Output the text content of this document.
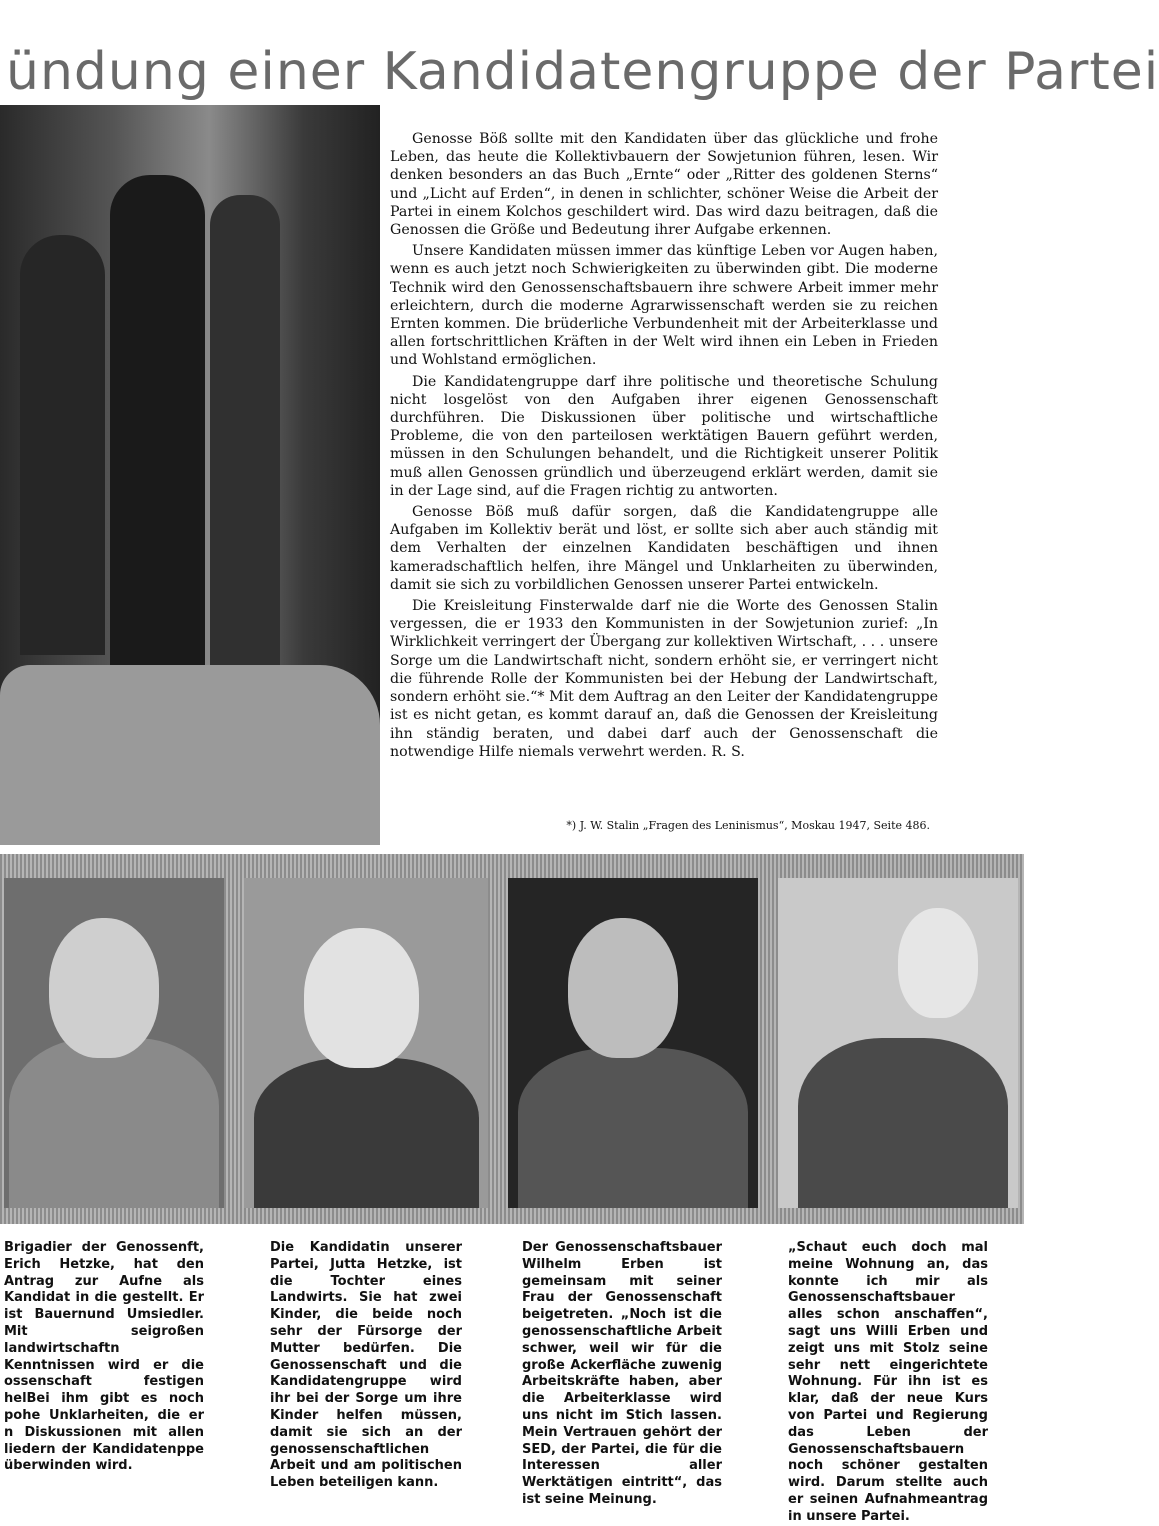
ündung einer Kandidatengruppe der Partei

Genosse Böß sollte mit den Kandidaten über das glückliche und frohe Leben, das heute die Kollektivbauern der Sowjetunion führen, lesen. Wir denken besonders an das Buch „Ernte“ oder „Ritter des goldenen Sterns“ und „Licht auf Erden“, in denen in schlichter, schöner Weise die Arbeit der Partei in einem Kolchos geschildert wird. Das wird dazu beitragen, daß die Genossen die Größe und Bedeutung ihrer Aufgabe erkennen.

Unsere Kandidaten müssen immer das künftige Leben vor Augen haben, wenn es auch jetzt noch Schwierigkeiten zu überwinden gibt. Die moderne Technik wird den Genossenschaftsbauern ihre schwere Arbeit immer mehr erleichtern, durch die moderne Agrarwissenschaft werden sie zu reichen Ernten kommen. Die brüderliche Verbundenheit mit der Arbeiterklasse und allen fortschrittlichen Kräften in der Welt wird ihnen ein Leben in Frieden und Wohlstand ermöglichen.

Die Kandidatengruppe darf ihre politische und theoretische Schulung nicht losgelöst von den Aufgaben ihrer eigenen Genossenschaft durchführen. Die Diskussionen über politische und wirtschaftliche Probleme, die von den parteilosen werktätigen Bauern geführt werden, müssen in den Schulungen behandelt, und die Richtigkeit unserer Politik muß allen Genossen gründlich und überzeugend erklärt werden, damit sie in der Lage sind, auf die Fragen richtig zu antworten.

Genosse Böß muß dafür sorgen, daß die Kandidatengruppe alle Aufgaben im Kollektiv berät und löst, er sollte sich aber auch ständig mit dem Verhalten der einzelnen Kandidaten beschäftigen und ihnen kameradschaftlich helfen, ihre Mängel und Unklarheiten zu überwinden, damit sie sich zu vorbildlichen Genossen unserer Partei entwickeln.

Die Kreisleitung Finsterwalde darf nie die Worte des Genossen Stalin vergessen, die er 1933 den Kommunisten in der Sowjetunion zurief: „In Wirklichkeit verringert der Übergang zur kollektiven Wirtschaft, . . . unsere Sorge um die Landwirtschaft nicht, sondern erhöht sie, er verringert nicht die führende Rolle der Kommunisten bei der Hebung der Landwirtschaft, sondern erhöht sie.“* Mit dem Auftrag an den Leiter der Kandidatengruppe ist es nicht getan, es kommt darauf an, daß die Genossen der Kreisleitung ihn ständig beraten, und dabei darf auch der Genossenschaft die notwendige Hilfe niemals verwehrt werden. R. S.

*) J. W. Stalin „Fragen des Leninismus“, Moskau 1947, Seite 486.
Brigadier der Genossenft, Erich Hetzke, hat den Antrag zur Aufne als Kandidat in die gestellt. Er ist Bauernund Umsiedler. Mit seigroßen landwirtschaftn Kenntnissen wird er die ossenschaft festigen helBei ihm gibt es noch pohe Unklarheiten, die er n Diskussionen mit allen liedern der Kandidatenppe überwinden wird.
Die Kandidatin unserer Partei, Jutta Hetzke, ist die Tochter eines Landwirts. Sie hat zwei Kinder, die beide noch sehr der Fürsorge der Mutter bedürfen. Die Genossenschaft und die Kandidatengruppe wird ihr bei der Sorge um ihre Kinder helfen müssen, damit sie sich an der genossenschaftlichen Arbeit und am politischen Leben beteiligen kann.
Der Genossenschaftsbauer Wilhelm Erben ist gemeinsam mit seiner Frau der Genossenschaft beigetreten. „Noch ist die genossenschaftliche Arbeit schwer, weil wir für die große Ackerfläche zuwenig Arbeitskräfte haben, aber die Arbeiterklasse wird uns nicht im Stich lassen. Mein Vertrauen gehört der SED, der Partei, die für die Interessen aller Werktätigen eintritt“, das ist seine Meinung.
„Schaut euch doch mal meine Wohnung an, das konnte ich mir als Genossenschaftsbauer alles schon anschaffen“, sagt uns Willi Erben und zeigt uns mit Stolz seine sehr nett eingerichtete Wohnung. Für ihn ist es klar, daß der neue Kurs von Partei und Regierung das Leben der Genossenschaftsbauern noch schöner gestalten wird. Darum stellte auch er seinen Aufnahmeantrag in unsere Partei.
